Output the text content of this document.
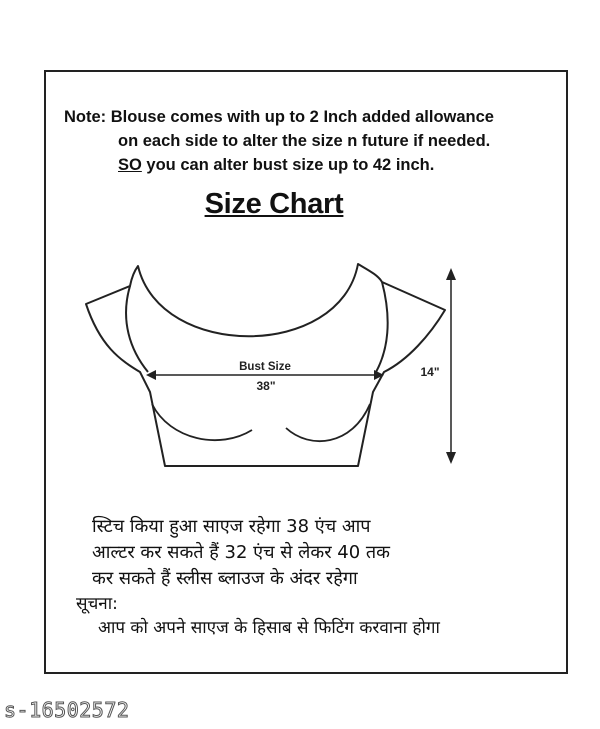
Note: Blouse comes with up to 2 Inch added allowance
on each side to alter the size n future if needed.
SO you can alter bust size up to 42 inch.
Size Chart
Bust Size
38"
14"
स्टिच किया हुआ साएज रहेगा 38 एंच आप
आल्टर कर सकते हैं 32 एंच से लेकर 40 तक
कर सकते हैं स्लीस ब्लाउज के अंदर रहेगा
सूचना:
आप को अपने साएज के हिसाब से फिटिंग करवाना होगा
s-16502572
